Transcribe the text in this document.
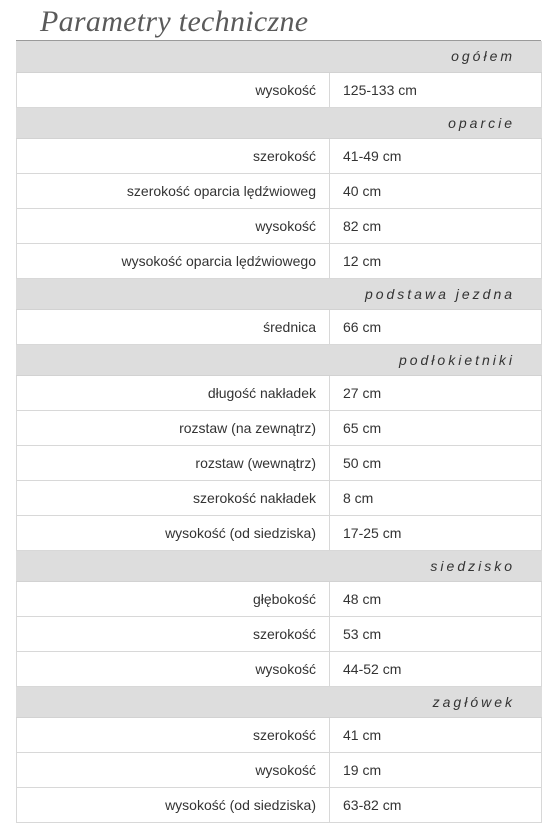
Parametry techniczne
ogółem	
wysokość	125-133 cm
oparcie	
szerokość	41-49 cm
szerokość oparcia lędźwioweg	40 cm
wysokość	82 cm
wysokość oparcia lędźwiowego	12 cm
podstawa jezdna	
średnica	66 cm
podłokietniki	
długość nakładek	27 cm
rozstaw (na zewnątrz)	65 cm
rozstaw (wewnątrz)	50 cm
szerokość nakładek	8 cm
wysokość (od siedziska)	17-25 cm
siedzisko	
głębokość	48 cm
szerokość	53 cm
wysokość	44-52 cm
zagłówek	
szerokość	41 cm
wysokość	19 cm
wysokość (od siedziska)	63-82 cm
